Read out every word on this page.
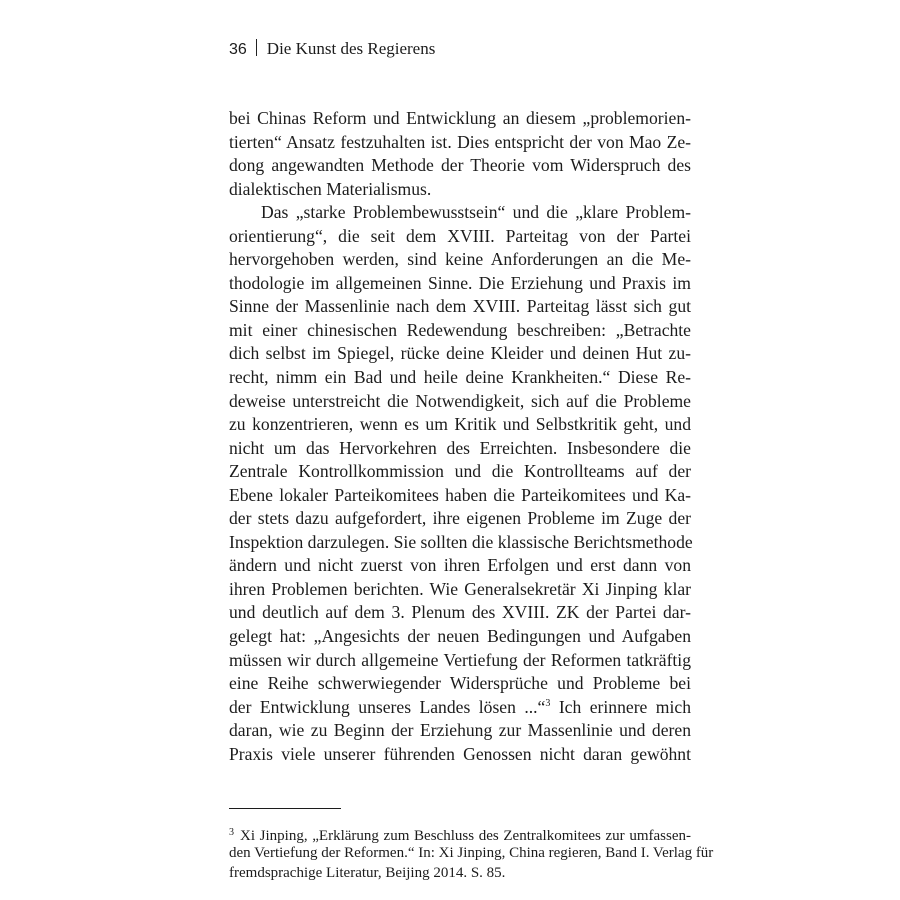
36 Die Kunst des Regierens
bei Chinas Reform und Entwicklung an diesem „problemorien-
tierten“ Ansatz festzuhalten ist. Dies entspricht der von Mao Ze-
dong angewandten Methode der Theorie vom Widerspruch des
dialektischen Materialismus.
Das „starke Problembewusstsein“ und die „klare Problem-
orientierung“, die seit dem XVIII. Parteitag von der Partei
hervorgehoben werden, sind keine Anforderungen an die Me-
thodologie im allgemeinen Sinne. Die Erziehung und Praxis im
Sinne der Massenlinie nach dem XVIII. Parteitag lässt sich gut
mit einer chinesischen Redewendung beschreiben: „Betrachte
dich selbst im Spiegel, rücke deine Kleider und deinen Hut zu-
recht, nimm ein Bad und heile deine Krankheiten.“ Diese Re-
deweise unterstreicht die Notwendigkeit, sich auf die Probleme
zu konzentrieren, wenn es um Kritik und Selbstkritik geht, und
nicht um das Hervorkehren des Erreichten. Insbesondere die
Zentrale Kontrollkommission und die Kontrollteams auf der
Ebene lokaler Parteikomitees haben die Parteikomitees und Ka-
der stets dazu aufgefordert, ihre eigenen Probleme im Zuge der
Inspektion darzulegen. Sie sollten die klassische Berichtsmethode
ändern und nicht zuerst von ihren Erfolgen und erst dann von
ihren Problemen berichten. Wie Generalsekretär Xi Jinping klar
und deutlich auf dem 3. Plenum des XVIII. ZK der Partei dar-
gelegt hat: „Angesichts der neuen Bedingungen und Aufgaben
müssen wir durch allgemeine Vertiefung der Reformen tatkräftig
eine Reihe schwerwiegender Widersprüche und Probleme bei
der Entwicklung unseres Landes lösen ...“$^3$ Ich erinnere mich
daran, wie zu Beginn der Erziehung zur Massenlinie und deren
Praxis viele unserer führenden Genossen nicht daran gewöhnt
$^3$ Xi Jinping, „Erklärung zum Beschluss des Zentralkomitees zur umfassen-
den Vertiefung der Reformen.“ In: Xi Jinping, China regieren, Band I. Verlag für
fremdsprachige Literatur, Beijing 2014. S. 85.
